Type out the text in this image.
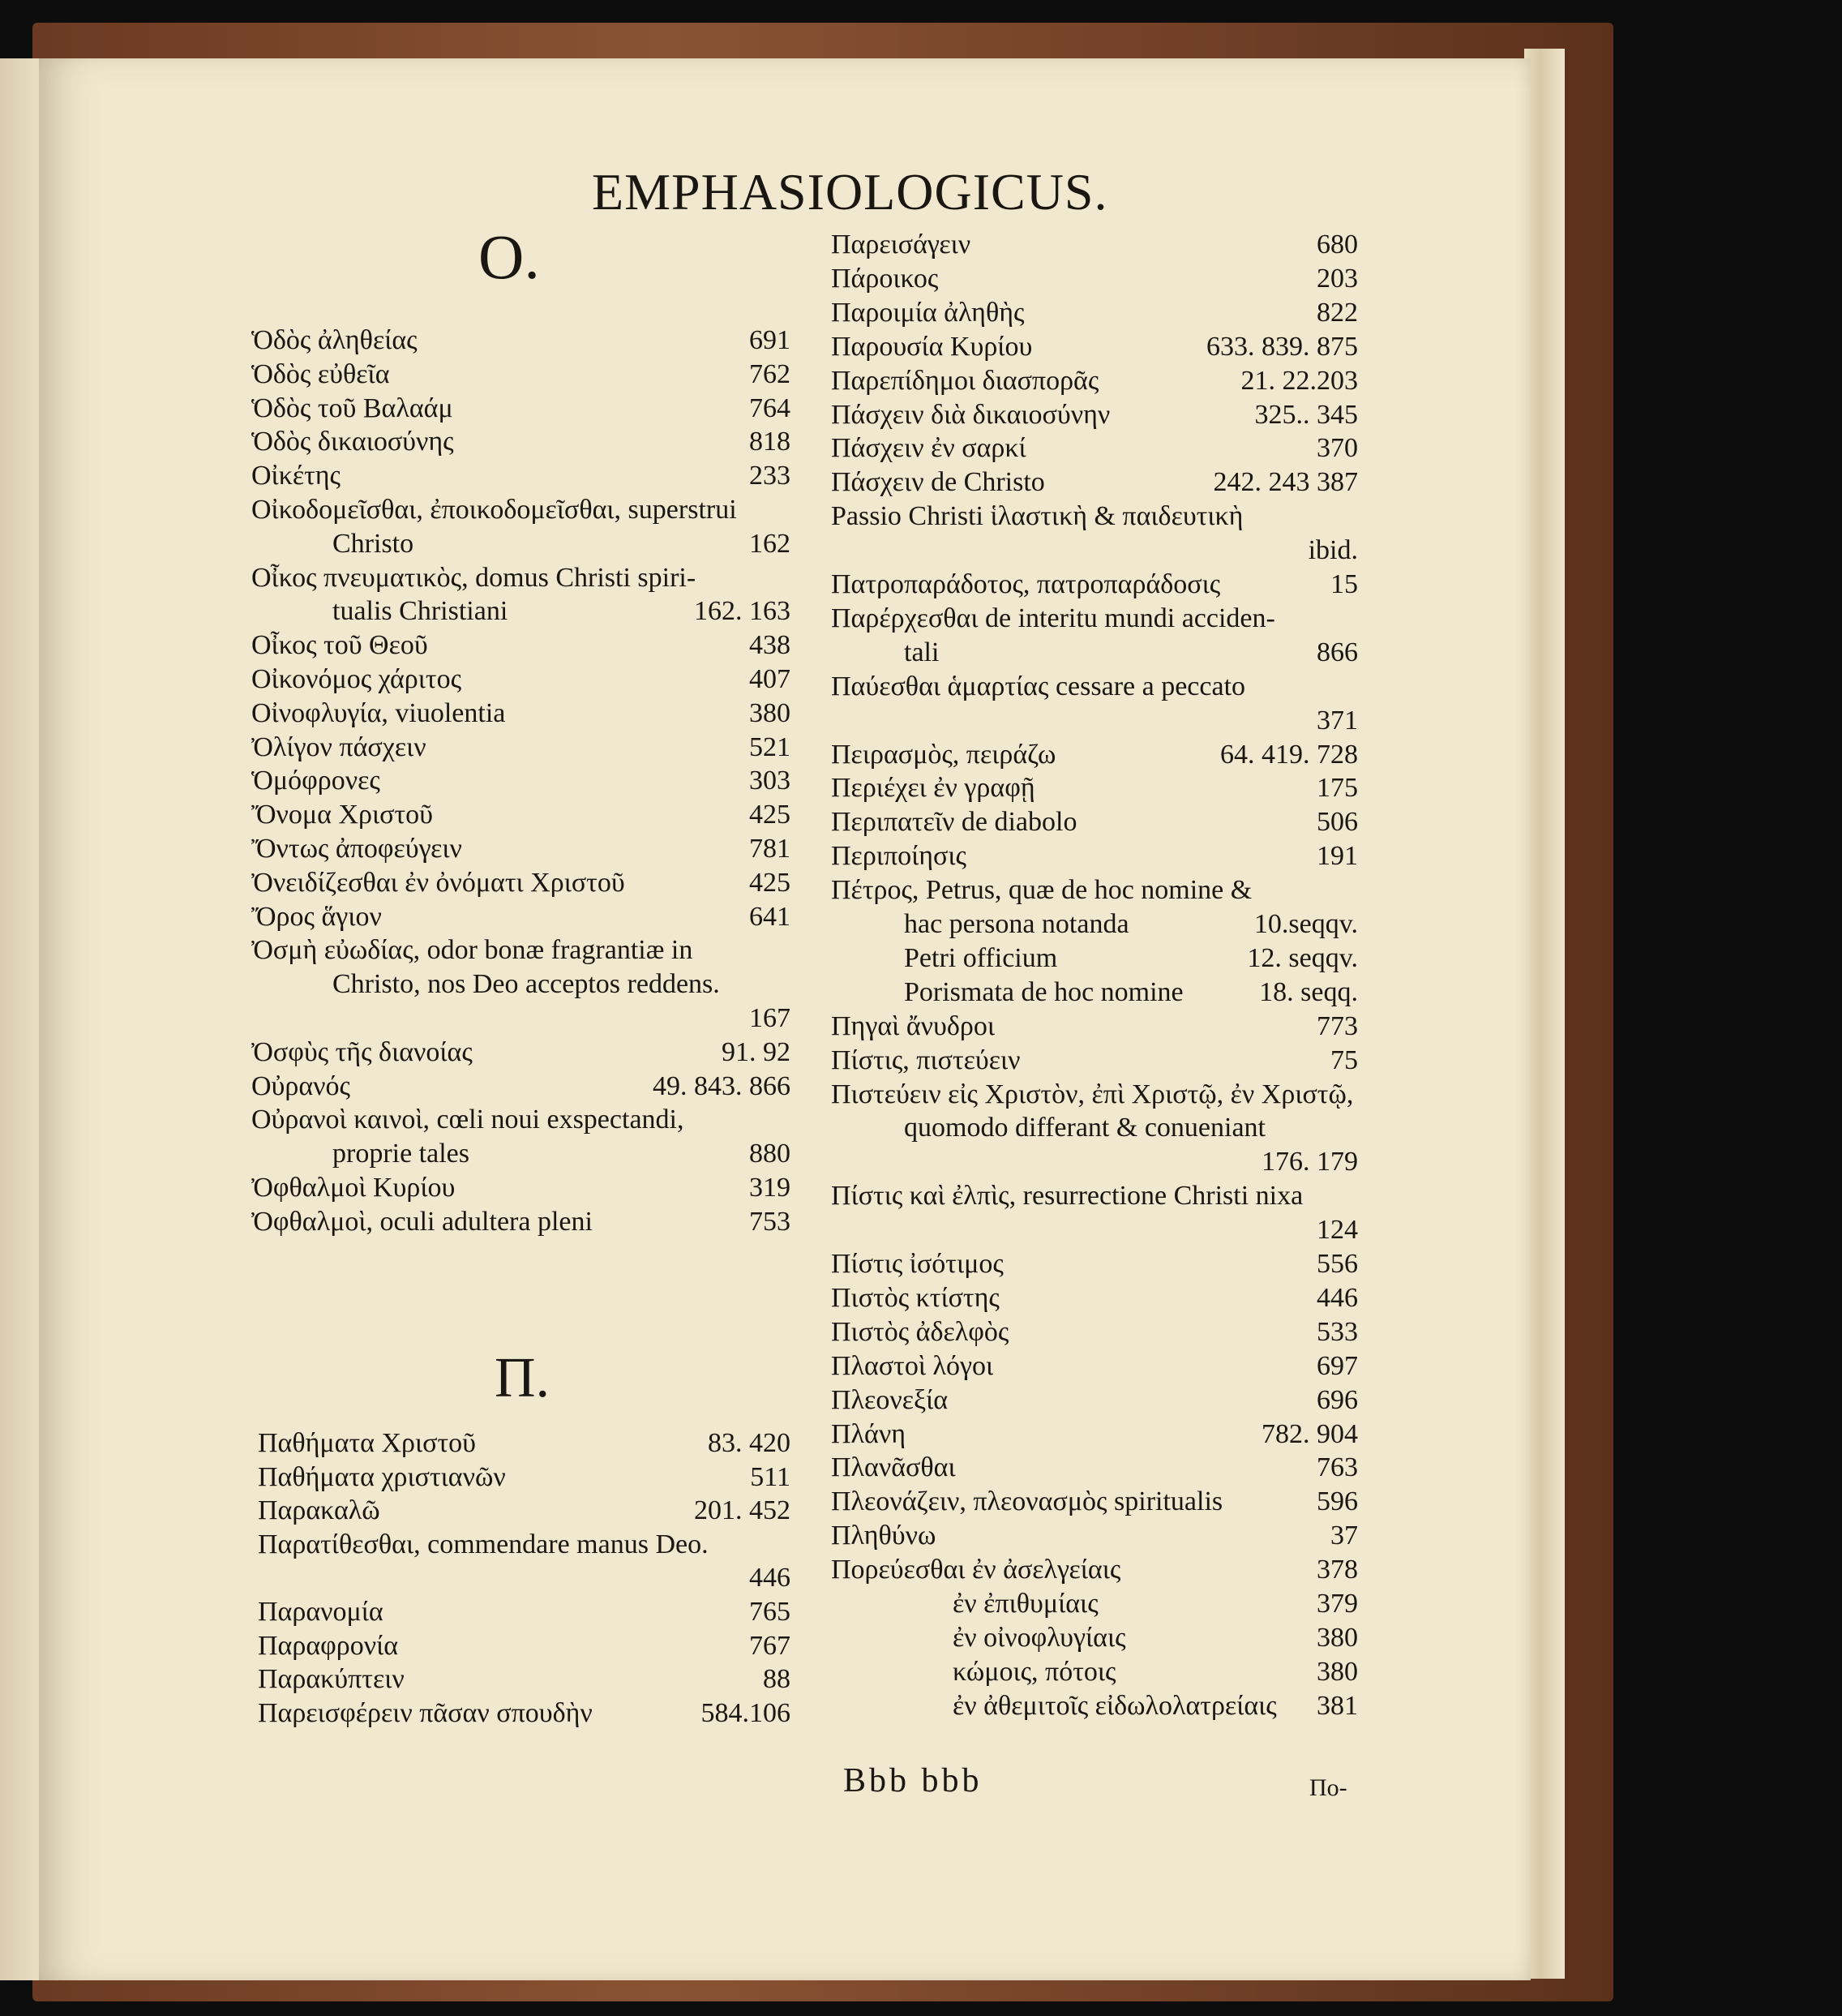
EMPHASIOLOGICUS.
O.
Π.
Ὁδὸς ἀληθείας	691
Ὁδὸς εὐθεῖα	762
Ὁδὸς τοῦ Βαλαάμ	764
Ὁδὸς δικαιοσύνης	818
Οἰκέτης	233
Οἰκοδομεῖσθαι, ἐποικοδομεῖσθαι, superstrui
Christo	162
Οἶκος πνευματικὸς, domus Christi spiri-
tualis Christiani	162. 163
Οἶκος τοῦ Θεοῦ	438
Οἰκονόμος χάριτος	407
Οἰνοφλυγία, viuolentia	380
Ὀλίγον πάσχειν	521
Ὁμόφρονες	303
Ὄνομα Χριστοῦ	425
Ὄντως ἀποφεύγειν	781
Ὀνειδίζεσθαι ἐν ὀνόματι Χριστοῦ	425
Ὄρος ἅγιον	641
Ὀσμὴ εὐωδίας, odor bonæ fragrantiæ in
Christo, nos Deo acceptos reddens.
167
Ὀσφὺς τῆς διανοίας	91. 92
Οὐρανός	49. 843. 866
Οὐρανοὶ καινοὶ, cœli noui exspectandi,
proprie tales	880
Ὀφθαλμοὶ Κυρίου	319
Ὀφθαλμοὶ, oculi adultera pleni	753
Παθήματα Χριστοῦ	83. 420
Παθήματα χριστιανῶν	511
Παρακαλῶ	201. 452
Παρατίθεσθαι, commendare manus Deo.
446
Παρανομία	765
Παραφρονία	767
Παρακύπτειν	88
Παρεισφέρειν πᾶσαν σπουδὴν	584.106
Παρεισάγειν	680
Πάροικος	203
Παροιμία ἀληθὴς	822
Παρουσία Κυρίου	633. 839. 875
Παρεπίδημοι διασπορᾶς	21. 22.203
Πάσχειν διὰ δικαιοσύνην	325.. 345
Πάσχειν ἐν σαρκί	370
Πάσχειν de Christo	242. 243 387
Passio Christi ἱλαστικὴ & παιδευτικὴ
ibid.
Πατροπαράδοτος, πατροπαράδοσις	15
Παρέρχεσθαι de interitu mundi acciden-
tali	866
Παύεσθαι ἁμαρτίας cessare a peccato
371
Πειρασμὸς, πειράζω	64. 419. 728
Περιέχει ἐν γραφῇ	175
Περιπατεῖν de diabolo	506
Περιποίησις	191
Πέτρος, Petrus, quæ de hoc nomine &
hac persona notanda	10.seqqv.
Petri officium	12. seqqv.
Porismata de hoc nomine	18. seqq.
Πηγαὶ ἄνυδροι	773
Πίστις, πιστεύειν	75
Πιστεύειν εἰς Χριστὸν, ἐπὶ Χριστῷ, ἐν Χριστῷ,
quomodo differant & conueniant
176. 179
Πίστις καὶ ἐλπὶς, resurrectione Christi nixa
124
Πίστις ἰσότιμος	556
Πιστὸς κτίστης	446
Πιστὸς ἀδελφὸς	533
Πλαστοὶ λόγοι	697
Πλεονεξία	696
Πλάνη	782. 904
Πλανᾶσθαι	763
Πλεονάζειν, πλεονασμὸς spiritualis	596
Πληθύνω	37
Πορεύεσθαι ἐν ἀσελγείαις	378
ἐν ἐπιθυμίαις	379
ἐν οἰνοφλυγίαις	380
κώμοις, πότοις	380
ἐν ἀθεμιτοῖς εἰδωλολατρείαις	381
Bbb bbb	Πο-
